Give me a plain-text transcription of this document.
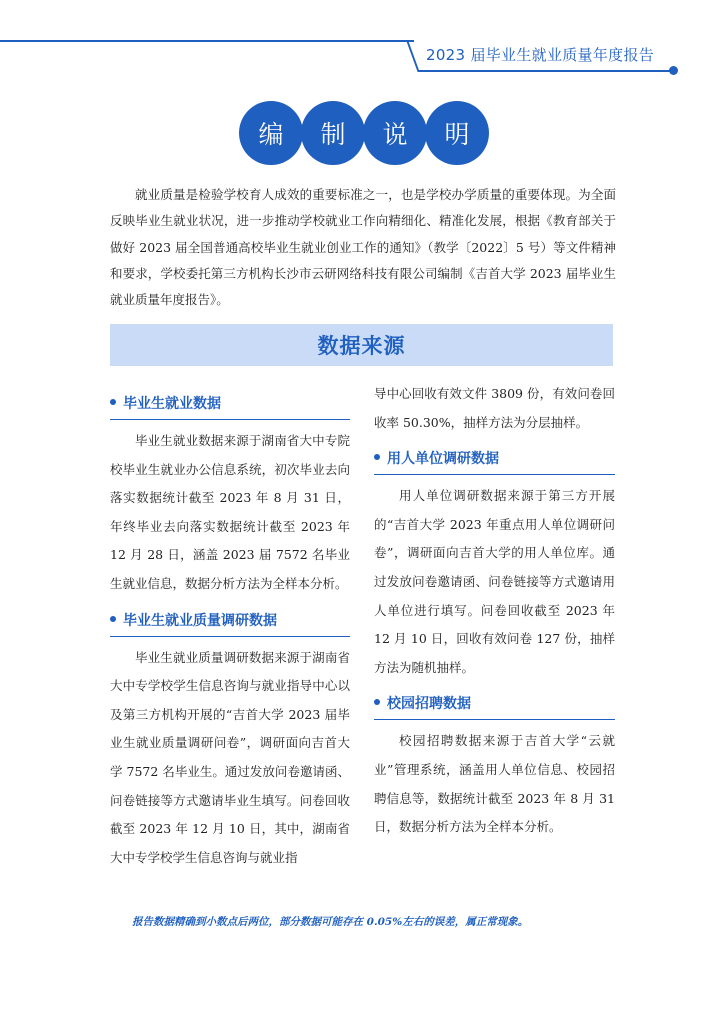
2023 届毕业生就业质量年度报告
编	制	说	明
就业质量是检验学校育人成效的重要标准之一，也是学校办学质量的重要体现。为全面反映毕业生就业状况，进一步推动学校就业工作向精细化、精准化发展，根据《教育部关于做好 2023 届全国普通高校毕业生就业创业工作的通知》（教学〔2022〕5 号）等文件精神和要求，学校委托第三方机构长沙市云研网络科技有限公司编制《吉首大学 2023 届毕业生就业质量年度报告》。
数据来源
毕业生就业数据

毕业生就业数据来源于湖南省大中专院校毕业生就业办公信息系统，初次毕业去向落实数据统计截至 2023 年 8 月 31 日，年终毕业去向落实数据统计截至 2023 年 12 月 28 日，涵盖 2023 届 7572 名毕业生就业信息，数据分析方法为全样本分析。

毕业生就业质量调研数据

毕业生就业质量调研数据来源于湖南省大中专学校学生信息咨询与就业指导中心以及第三方机构开展的“吉首大学 2023 届毕业生就业质量调研问卷”，调研面向吉首大学 7572 名毕业生。通过发放问卷邀请函、问卷链接等方式邀请毕业生填写。问卷回收截至 2023 年 12 月 10 日，其中，湖南省大中专学校学生信息咨询与就业指

导中心回收有效文件 3809 份，有效问卷回收率 50.30%，抽样方法为分层抽样。

用人单位调研数据

用人单位调研数据来源于第三方开展的“吉首大学 2023 年重点用人单位调研问卷”，调研面向吉首大学的用人单位库。通过发放问卷邀请函、问卷链接等方式邀请用人单位进行填写。问卷回收截至 2023 年 12 月 10 日，回收有效问卷 127 份，抽样方法为随机抽样。

校园招聘数据

校园招聘数据来源于吉首大学“云就业”管理系统，涵盖用人单位信息、校园招聘信息等，数据统计截至 2023 年 8 月 31 日，数据分析方法为全样本分析。

报告数据精确到小数点后两位，部分数据可能存在 0.05%左右的误差，属正常现象。
